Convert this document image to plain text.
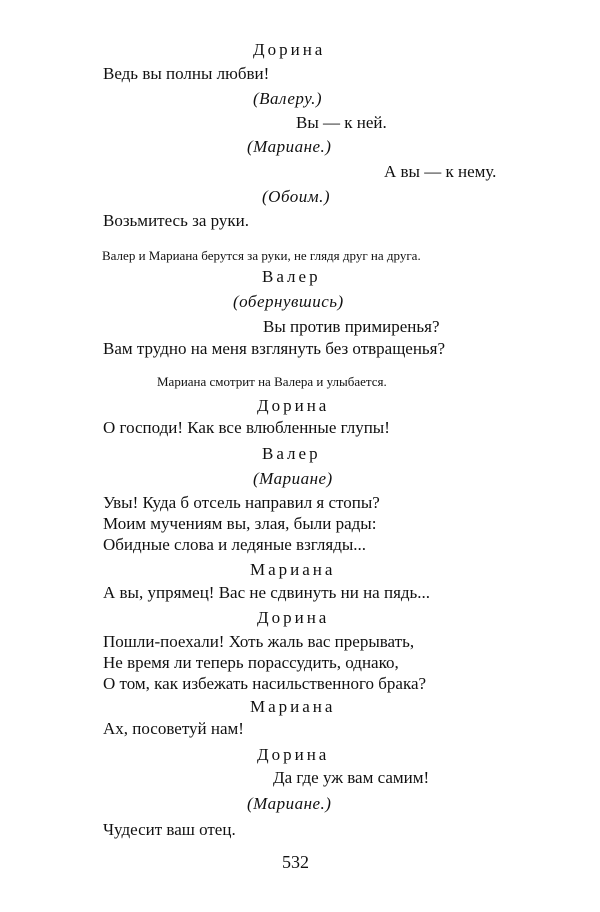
Дорина
Ведь вы полны любви!
(Валеру.)
Вы — к ней.
(Мариане.)
А вы — к нему.
(Обоим.)
Возьмитесь за руки.
Валер и Мариана берутся за руки, не глядя друг на друга.
Валер
(обернувшись)
Вы против примиренья?
Вам трудно на меня взглянуть без отвращенья?
Мариана смотрит на Валера и улыбается.
Дорина
О господи! Как все влюбленные глупы!
Валер
(Мариане)
Увы! Куда б отсель направил я стопы?
Моим мучениям вы, злая, были рады:
Обидные слова и ледяные взгляды...
Мариана
А вы, упрямец! Вас не сдвинуть ни на пядь...
Дорина
Пошли-поехали! Хоть жаль вас прерывать,
Не время ли теперь порассудить, однако,
О том, как избежать насильственного брака?
Мариана
Ах, посоветуй нам!
Дорина
Да где уж вам самим!
(Мариане.)
Чудесит ваш отец.
532
